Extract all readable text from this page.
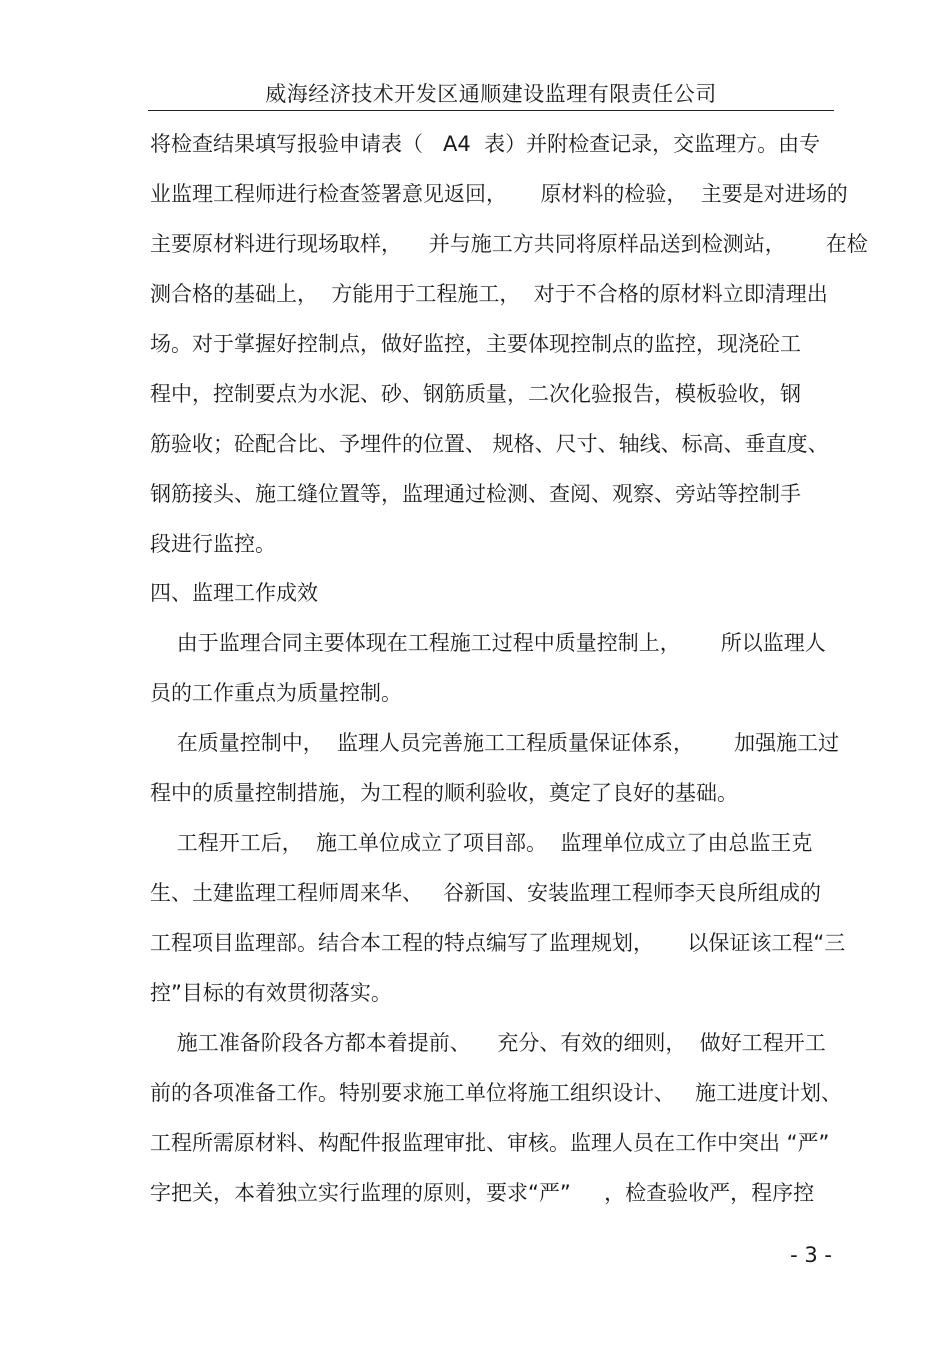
威海经济技术开发区通顺建设监理有限责任公司
将检查结果填写报验申请表（   A4  表）并附检查记录，交监理方。由专
业监理工程师进行检查签署意见返回，     原材料的检验，  主要是对进场的
主要原材料进行现场取样，    并与施工方共同将原样品送到检测站，      在检
测合格的基础上，  方能用于工程施工，  对于不合格的原材料立即清理出
场。对于掌握好控制点，做好监控，主要体现控制点的监控，现浇砼工
程中，控制要点为水泥、砂、钢筋质量，二次化验报告，模板验收，钢
筋验收；砼配合比、予埋件的位置、 规格、尺寸、轴线、标高、垂直度、
钢筋接头、施工缝位置等，监理通过检测、查阅、观察、旁站等控制手
段进行监控。
四、监理工作成效
由于监理合同主要体现在工程施工过程中质量控制上，      所以监理人
员的工作重点为质量控制。
在质量控制中，  监理人员完善施工工程质量保证体系，      加强施工过
程中的质量控制措施，为工程的顺利验收，奠定了良好的基础。
工程开工后，  施工单位成立了项目部。  监理单位成立了由总监王克
生、土建监理工程师周来华、   谷新国、安装监理工程师李天良所组成的
工程项目监理部。结合本工程的特点编写了监理规划，     以保证该工程“三
控”目标的有效贯彻落实。
施工准备阶段各方都本着提前、    充分、有效的细则，  做好工程开工
前的各项准备工作。特别要求施工单位将施工组织设计、   施工进度计划、
工程所需原材料、构配件报监理审批、审核。监理人员在工作中突出 “严”
字把关，本着独立实行监理的原则，要求“严”     ，检查验收严，程序控
- 3 -
